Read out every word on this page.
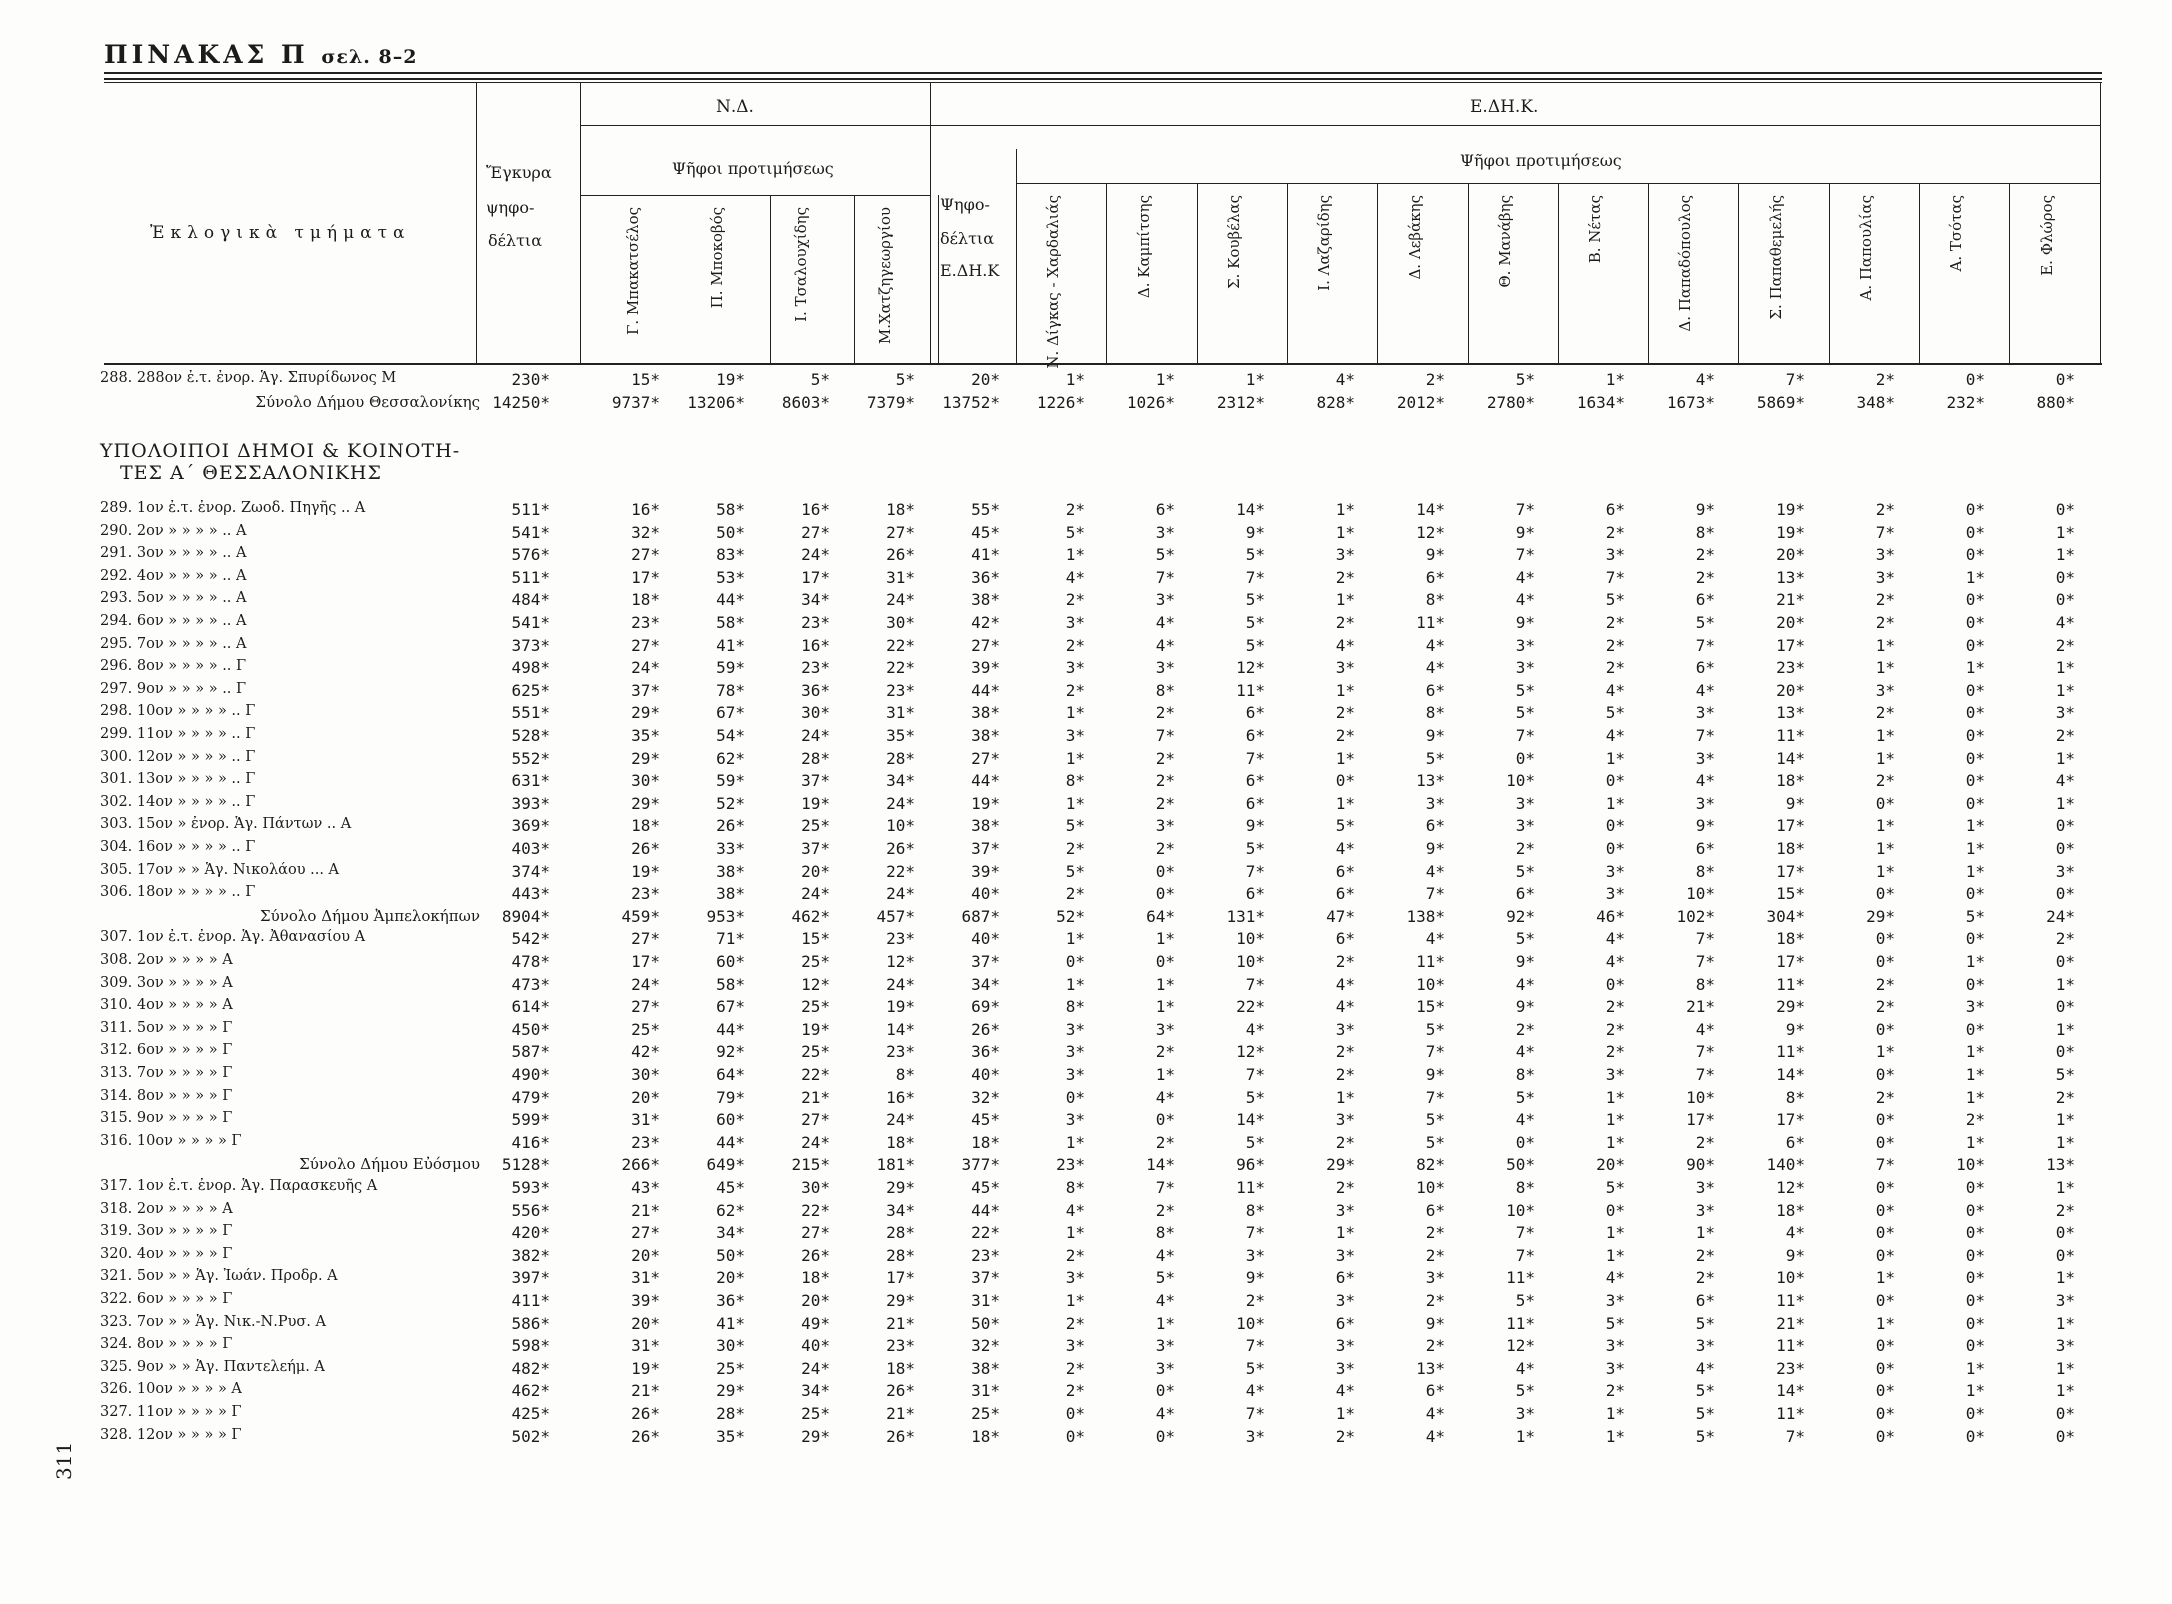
ΠΙΝΑΚΑΣ Π σελ. 8–2
311
Ἐκλογικὰ τμήματα
Ἔγκυρα
ψηφο-
δέλτια
Ν.Δ.	Ε.ΔΗ.Κ.
Ψῆφοι προτιμήσεως	Ψῆφοι προτιμήσεως
Ψηφο-
δέλτια
Ε.ΔΗ.Κ
Γ. Μπακατσέλος	Π. Μποκοβός	Ι. Τσαλουχίδης	Μ.Χατζηγεωργίου	Ν. Δίγκας - Χαρδαλιάς	Δ. Καμπίτσης	Σ. Κουβέλας	Ι. Λαζαρίδης	Δ. Λεβάκης	Θ. Μανάβης	Β. Νέτας	Δ. Παπαδόπουλος	Σ. Παπαθεμελής	Α. Παπουλίας	Α. Τσότας	Ε. Φλώρος
ΥΠΟΛΟΙΠΟΙ ΔΗΜΟΙ & ΚΟΙΝΟΤΗ-
ΤΕΣ Α΄ ΘΕΣΣΑΛΟΝΙΚΗΣ
288. 288ον ἐ.τ. ἐνορ. Ἁγ. Σπυρίδωνος Μ	230*	15*	19*	5*	5*	20*	1*	1*	1*	4*	2*	5*	1*	4*	7*	2*	0*	0*
Σύνολο Δήμου Θεσσαλονίκης 14250*	9737*	13206*	8603*	7379*	13752*	1226*	1026*	2312*	828*	2012*	2780*	1634*	1673*	5869*	348*	232*	880*
289. 1ον ἐ.τ. ἐνορ. Ζωοδ. Πηγῆς .. Α	511*	16*	58*	16*	18*	55*	2*	6*	14*	1*	14*	7*	6*	9*	19*	2*	0*	0*
290. 2ον » » » » .. Α	541*	32*	50*	27*	27*	45*	5*	3*	9*	1*	12*	9*	2*	8*	19*	7*	0*	1*
291. 3ον » » » » .. Α	576*	27*	83*	24*	26*	41*	1*	5*	5*	3*	9*	7*	3*	2*	20*	3*	0*	1*
292. 4ον » » » » .. Α	511*	17*	53*	17*	31*	36*	4*	7*	7*	2*	6*	4*	7*	2*	13*	3*	1*	0*
293. 5ον » » » » .. Α	484*	18*	44*	34*	24*	38*	2*	3*	5*	1*	8*	4*	5*	6*	21*	2*	0*	0*
294. 6ον » » » » .. Α	541*	23*	58*	23*	30*	42*	3*	4*	5*	2*	11*	9*	2*	5*	20*	2*	0*	4*
295. 7ον » » » » .. Α	373*	27*	41*	16*	22*	27*	2*	4*	5*	4*	4*	3*	2*	7*	17*	1*	0*	2*
296. 8ον » » » » .. Γ	498*	24*	59*	23*	22*	39*	3*	3*	12*	3*	4*	3*	2*	6*	23*	1*	1*	1*
297. 9ον » » » » .. Γ	625*	37*	78*	36*	23*	44*	2*	8*	11*	1*	6*	5*	4*	4*	20*	3*	0*	1*
298. 10ον » » » » .. Γ	551*	29*	67*	30*	31*	38*	1*	2*	6*	2*	8*	5*	5*	3*	13*	2*	0*	3*
299. 11ον » » » » .. Γ	528*	35*	54*	24*	35*	38*	3*	7*	6*	2*	9*	7*	4*	7*	11*	1*	0*	2*
300. 12ον » » » » .. Γ	552*	29*	62*	28*	28*	27*	1*	2*	7*	1*	5*	0*	1*	3*	14*	1*	0*	1*
301. 13ον » » » » .. Γ	631*	30*	59*	37*	34*	44*	8*	2*	6*	0*	13*	10*	0*	4*	18*	2*	0*	4*
302. 14ον » » » » .. Γ	393*	29*	52*	19*	24*	19*	1*	2*	6*	1*	3*	3*	1*	3*	9*	0*	0*	1*
303. 15ον » ἐνορ. Ἁγ. Πάντων .. Α	369*	18*	26*	25*	10*	38*	5*	3*	9*	5*	6*	3*	0*	9*	17*	1*	1*	0*
304. 16ον » » » » .. Γ	403*	26*	33*	37*	26*	37*	2*	2*	5*	4*	9*	2*	0*	6*	18*	1*	1*	0*
305. 17ον » » Ἁγ. Νικολάου ... Α	374*	19*	38*	20*	22*	39*	5*	0*	7*	6*	4*	5*	3*	8*	17*	1*	1*	3*
306. 18ον » » » » .. Γ	443*	23*	38*	24*	24*	40*	2*	0*	6*	6*	7*	6*	3*	10*	15*	0*	0*	0*
Σύνολο Δήμου Ἀμπελοκήπων	8904*	459*	953*	462*	457*	687*	52*	64*	131*	47*	138*	92*	46*	102*	304*	29*	5*	24*
307. 1ον ἐ.τ. ἐνορ. Ἁγ. Ἀθανασίου Α	542*	27*	71*	15*	23*	40*	1*	1*	10*	6*	4*	5*	4*	7*	18*	0*	0*	2*
308. 2ον » » » » Α	478*	17*	60*	25*	12*	37*	0*	0*	10*	2*	11*	9*	4*	7*	17*	0*	1*	0*
309. 3ον » » » » Α	473*	24*	58*	12*	24*	34*	1*	1*	7*	4*	10*	4*	0*	8*	11*	2*	0*	1*
310. 4ον » » » » Α	614*	27*	67*	25*	19*	69*	8*	1*	22*	4*	15*	9*	2*	21*	29*	2*	3*	0*
311. 5ον » » » » Γ	450*	25*	44*	19*	14*	26*	3*	3*	4*	3*	5*	2*	2*	4*	9*	0*	0*	1*
312. 6ον » » » » Γ	587*	42*	92*	25*	23*	36*	3*	2*	12*	2*	7*	4*	2*	7*	11*	1*	1*	0*
313. 7ον » » » » Γ	490*	30*	64*	22*	8*	40*	3*	1*	7*	2*	9*	8*	3*	7*	14*	0*	1*	5*
314. 8ον » » » » Γ	479*	20*	79*	21*	16*	32*	0*	4*	5*	1*	7*	5*	1*	10*	8*	2*	1*	2*
315. 9ον » » » » Γ	599*	31*	60*	27*	24*	45*	3*	0*	14*	3*	5*	4*	1*	17*	17*	0*	2*	1*
316. 10ον » » » » Γ	416*	23*	44*	24*	18*	18*	1*	2*	5*	2*	5*	0*	1*	2*	6*	0*	1*	1*
Σύνολο Δήμου Εὐόσμου	5128*	266*	649*	215*	181*	377*	23*	14*	96*	29*	82*	50*	20*	90*	140*	7*	10*	13*
317. 1ον ἐ.τ. ἐνορ. Ἁγ. Παρασκευῆς Α	593*	43*	45*	30*	29*	45*	8*	7*	11*	2*	10*	8*	5*	3*	12*	0*	0*	1*
318. 2ον » » » » Α	556*	21*	62*	22*	34*	44*	4*	2*	8*	3*	6*	10*	0*	3*	18*	0*	0*	2*
319. 3ον » » » » Γ	420*	27*	34*	27*	28*	22*	1*	8*	7*	1*	2*	7*	1*	1*	4*	0*	0*	0*
320. 4ον » » » » Γ	382*	20*	50*	26*	28*	23*	2*	4*	3*	3*	2*	7*	1*	2*	9*	0*	0*	0*
321. 5ον » » Ἁγ. Ἰωάν. Προδρ. Α	397*	31*	20*	18*	17*	37*	3*	5*	9*	6*	3*	11*	4*	2*	10*	1*	0*	1*
322. 6ον » » » » Γ	411*	39*	36*	20*	29*	31*	1*	4*	2*	3*	2*	5*	3*	6*	11*	0*	0*	3*
323. 7ον » » Ἁγ. Νικ.-Ν.Ρυσ. Α	586*	20*	41*	49*	21*	50*	2*	1*	10*	6*	9*	11*	5*	5*	21*	1*	0*	1*
324. 8ον » » » » Γ	598*	31*	30*	40*	23*	32*	3*	3*	7*	3*	2*	12*	3*	3*	11*	0*	0*	3*
325. 9ον » » Ἁγ. Παντελεήμ. Α	482*	19*	25*	24*	18*	38*	2*	3*	5*	3*	13*	4*	3*	4*	23*	0*	1*	1*
326. 10ον » » » » Α	462*	21*	29*	34*	26*	31*	2*	0*	4*	4*	6*	5*	2*	5*	14*	0*	1*	1*
327. 11ον » » » » Γ	425*	26*	28*	25*	21*	25*	0*	4*	7*	1*	4*	3*	1*	5*	11*	0*	0*	0*
328. 12ον » » » » Γ	502*	26*	35*	29*	26*	18*	0*	0*	3*	2*	4*	1*	1*	5*	7*	0*	0*	0*
